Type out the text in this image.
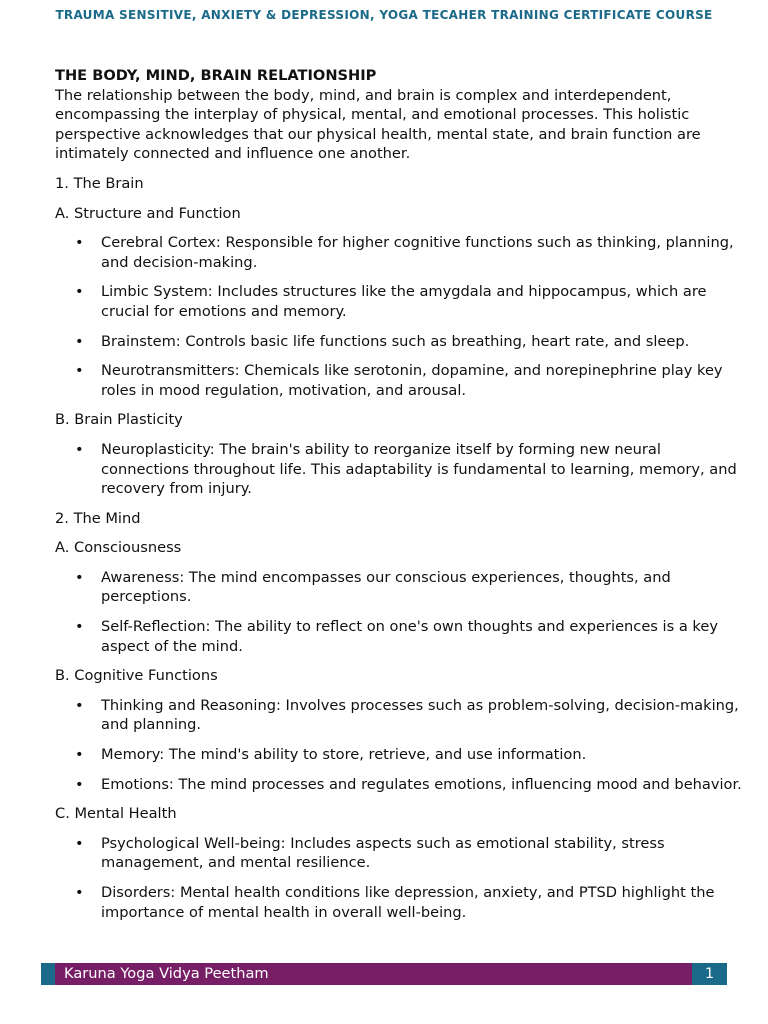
TRAUMA SENSITIVE, ANXIETY & DEPRESSION, YOGA TECAHER TRAINING CERTIFICATE COURSE

THE BODY, MIND, BRAIN RELATIONSHIP

The relationship between the body, mind, and brain is complex and interdependent, encompassing the interplay of physical, mental, and emotional processes. This holistic perspective acknowledges that our physical health, mental state, and brain function are intimately connected and influence one another.

1. The Brain

A. Structure and Function

• Cerebral Cortex: Responsible for higher cognitive functions such as thinking, planning, and decision-making.
• Limbic System: Includes structures like the amygdala and hippocampus, which are crucial for emotions and memory.
• Brainstem: Controls basic life functions such as breathing, heart rate, and sleep.
• Neurotransmitters: Chemicals like serotonin, dopamine, and norepinephrine play key roles in mood regulation, motivation, and arousal.

B. Brain Plasticity

• Neuroplasticity: The brain's ability to reorganize itself by forming new neural connections throughout life. This adaptability is fundamental to learning, memory, and recovery from injury.

2. The Mind

A. Consciousness

• Awareness: The mind encompasses our conscious experiences, thoughts, and perceptions.
• Self-Reflection: The ability to reflect on one's own thoughts and experiences is a key aspect of the mind.

B. Cognitive Functions

• Thinking and Reasoning: Involves processes such as problem-solving, decision-making, and planning.
• Memory: The mind's ability to store, retrieve, and use information.
• Emotions: The mind processes and regulates emotions, influencing mood and behavior.

C. Mental Health

• Psychological Well-being: Includes aspects such as emotional stability, stress management, and mental resilience.
• Disorders: Mental health conditions like depression, anxiety, and PTSD highlight the importance of mental health in overall well-being.
Karuna Yoga Vidya Peetham	1
